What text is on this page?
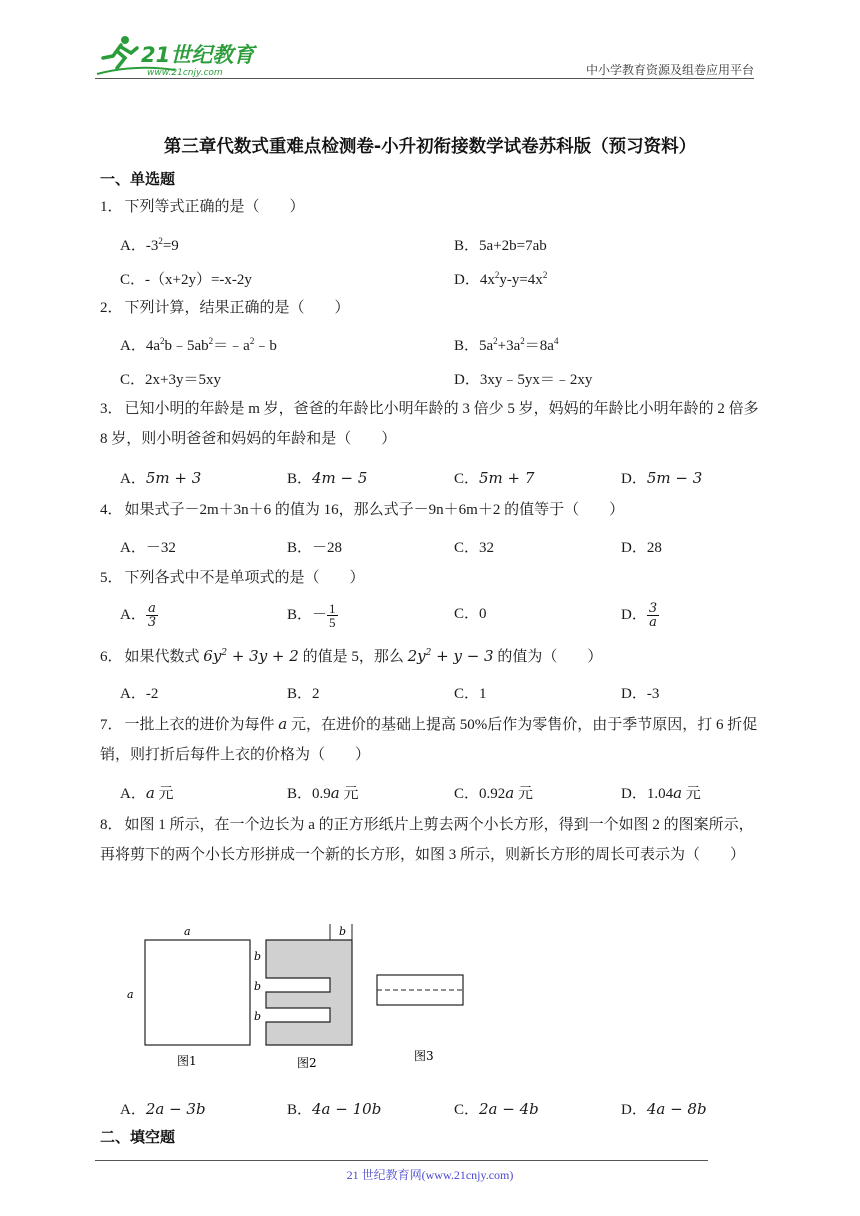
21世纪教育
www.21cnjy.com	中小学教育资源及组卷应用平台
第三章代数式重难点检测卷-小升初衔接数学试卷苏科版（预习资料）
一、单选题
1． 下列等式正确的是（　　）
A．$-3^2=9$	B．5a+2b=7ab
C．-（x+2y）=-x-2y	D．$4x^2y-y=4x^2$
2． 下列计算，结果正确的是（　　）
A．$4a^2b﹣5ab^2=﹣a^2﹣b$	B．$5a^2+3a^2=8a^4$
C．2x+3y＝5xy	D．3xy﹣5yx＝﹣2xy
3． 已知小明的年龄是 m 岁，爸爸的年龄比小明年龄的 3 倍少 5 岁，妈妈的年龄比小明年龄的 2 倍多 8 岁，则小明爸爸和妈妈的年龄和是（　　）
A．5m + 3	B．4m − 5	C．5m + 7	D．5m − 3
4． 如果式子－2m＋3n＋6 的值为 16，那么式子－9n＋6m＋2 的值等于（　　）
A．－32	B．－28	C．32	D．28
5． 下列各式中不是单项式的是（　　）
A． $\frac{a}{3}$	B．－ $\frac{1}{5}$	C．0	D． $\frac{3}{a}$
6． 如果代数式 $6y^2 + 3y + 2$ 的值是 5，那么 $2y^2 + y - 3$ 的值为（　　）
A．-2	B．2	C．1	D．-3
7． 一批上衣的进价为每件 a 元，在进价的基础上提高 50%后作为零售价，由于季节原因，打 6 折促销，则打折后每件上衣的价格为（　　）
A．a 元	B．0.9a 元	C．0.92a 元	D．1.04a 元
8． 如图 1 所示，在一个边长为 a 的正方形纸片上剪去两个小长方形，得到一个如图 2 的图案所示，再将剪下的两个小长方形拼成一个新的长方形，如图 3 所示，则新长方形的周长可表示为（　　）
a
a
图1
b
b
b
b
图2	图3
A．2a − 3b	B．4a − 10b	C．2a − 4b	D．4a − 8b
二、填空题
21 世纪教育网(www.21cnjy.com)
